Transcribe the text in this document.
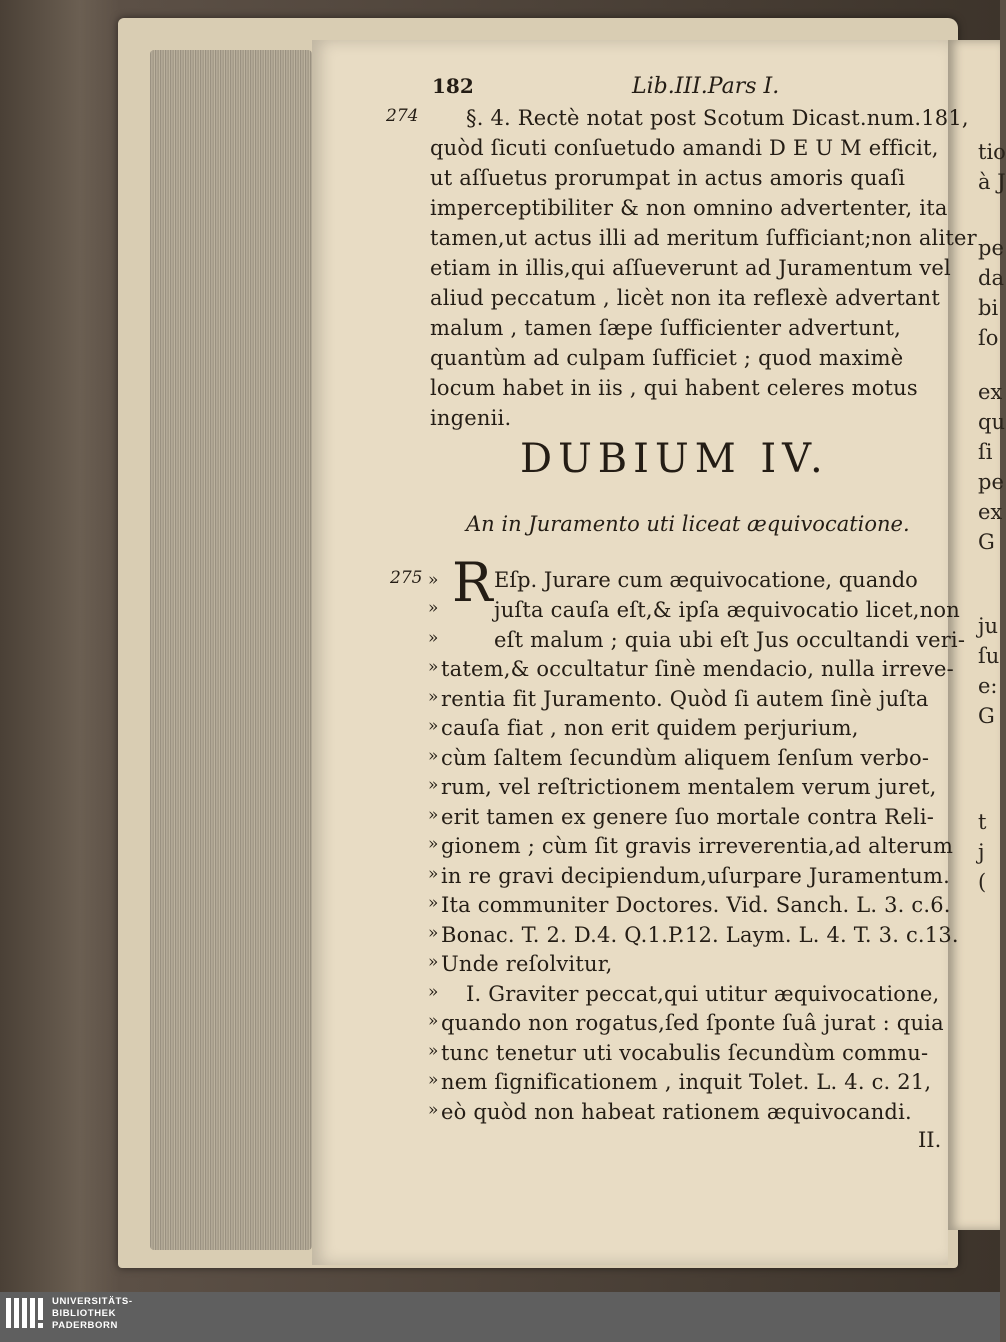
tio
à J
pe
da
bi
ſo
ex
qu
ſi
pe
ex
G
ju
ſu
e:
G
t
j
(
182	Lib.III.Pars I.
274
DUBIUM IV.
An in Juramento uti liceat æquivocatione.
275 R Eſp. Jurare cum æquivocatione, quando
II.
§. 4. Rectè notat post Scotum Dicast.num.181,
quòd ſicuti conſuetudo amandi D E U M efficit,
ut aſſuetus prorumpat in actus amoris quaſi
imperceptibiliter & non omnino advertenter, ita
tamen,ut actus illi ad meritum ſufficiant;non aliter
etiam in illis,qui aſſueverunt ad Juramentum vel
aliud peccatum , licèt non ita reflexè advertant
malum , tamen ſæpe ſufficienter advertunt,
quantùm ad culpam ſufficiet ; quod maximè
locum habet in iis , qui habent celeres motus
ingenii.
»	juſta cauſa eſt,& ipſa æquivocatio licet,non
»	eſt malum ; quia ubi eſt Jus occultandi veri-
» tatem,& occultatur ſinè mendacio, nulla irreve-
» rentia fit Juramento. Quòd ſi autem ſinè juſta
» cauſa fiat , non erit quidem perjurium,
» cùm ſaltem ſecundùm aliquem ſenſum verbo-
» rum, vel reſtrictionem mentalem verum juret,
» erit tamen ex genere ſuo mortale contra Reli-
» gionem ; cùm ſit gravis irreverentia,ad alterum
» in re gravi decipiendum,uſurpare Juramentum.
» Ita communiter Doctores. Vid. Sanch. L. 3. c.6.
» Bonac. T. 2. D.4. Q.1.P.12. Laym. L. 4. T. 3. c.13.
» Unde reſolvitur,
» I. Graviter peccat,qui utitur æquivocatione,
» quando non rogatus,ſed ſponte ſuâ jurat : quia
» tunc tenetur uti vocabulis ſecundùm commu-
» nem ſignificationem , inquit Tolet. L. 4. c. 21,
» eò quòd non habeat rationem æquivocandi.
»
UNIVERSITÄTS-
BIBLIOTHEK
PADERBORN
